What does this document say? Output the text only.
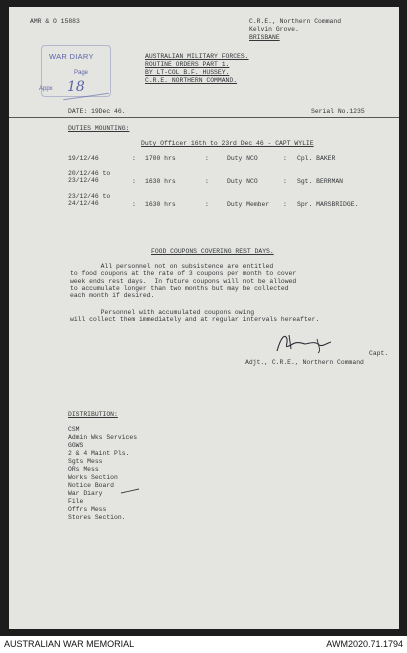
AMR & O 15883	C.R.E., Northern Command
Kelvin Grove.
BRISBANE
WAR DIARY
Page
Appx 18
AUSTRALIAN MILITARY FORCES.
ROUTINE ORDERS PART 1.
BY LT-COL B.F. HUSSEY.
C.R.E. NORTHERN COMMAND.
DATE: 19Dec 46.	Serial No.1235
DUTIES MOUNTING:
Duty Officer 16th to 23rd Dec 46 - CAPT WYLIE
19/12/46	: 1700 hrs	:	Duty NCO	: Cpl. BAKER
20/12/46 to
23/12/46	: 1630 hrs	:	Duty NCO	: Sgt. BERRMAN
23/12/46 to
24/12/46	: 1630 hrs	:	Duty Member : Spr. MARSBRIDGE.
FOOD COUPONS COVERING REST DAYS.
All personnel not on subsistence are entitled
to food coupons at the rate of 3 coupons per month to cover
week ends rest days.  In future coupons will not be allowed
to accumulate longer than two months but may be collected
each month if desired.
Personnel with accumulated coupons owing
will collect them immediately and at regular intervals hereafter.
Capt.
Adjt., C.R.E., Northern Command
DISTRIBUTION:
CSM
Admin Wks Services
GGWS
2 & 4 Maint Pls.
Sgts Mess
ORs Mess
Works Section
Notice Board
War Diary
File
Offrs Mess
Stores Section.
AUSTRALIAN WAR MEMORIAL	AWM2020.71.1794
